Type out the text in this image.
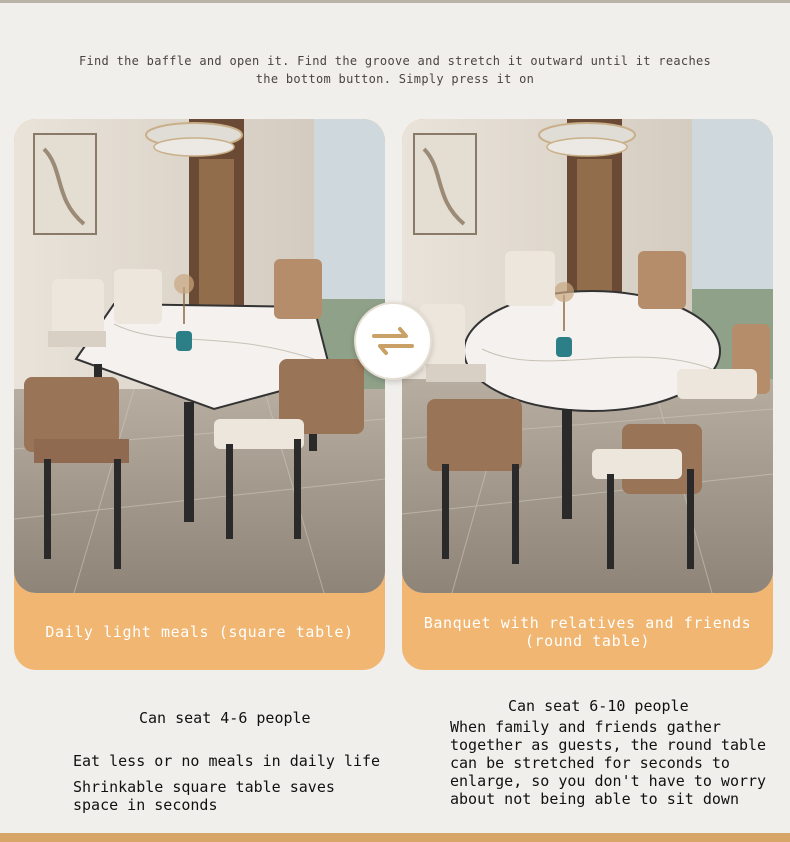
Find the baffle and open it. Find the groove and stretch it outward until it reaches
the bottom button. Simply press it on
Daily light meals (square table)	Banquet with relatives and friends (round table)
Can seat 4-6 people
Eat less or no meals in daily life
Shrinkable square table saves space in seconds
Can seat 6-10 people
When family and friends gather together as guests, the round table can be stretched for seconds to enlarge, so you don't have to worry about not being able to sit down
